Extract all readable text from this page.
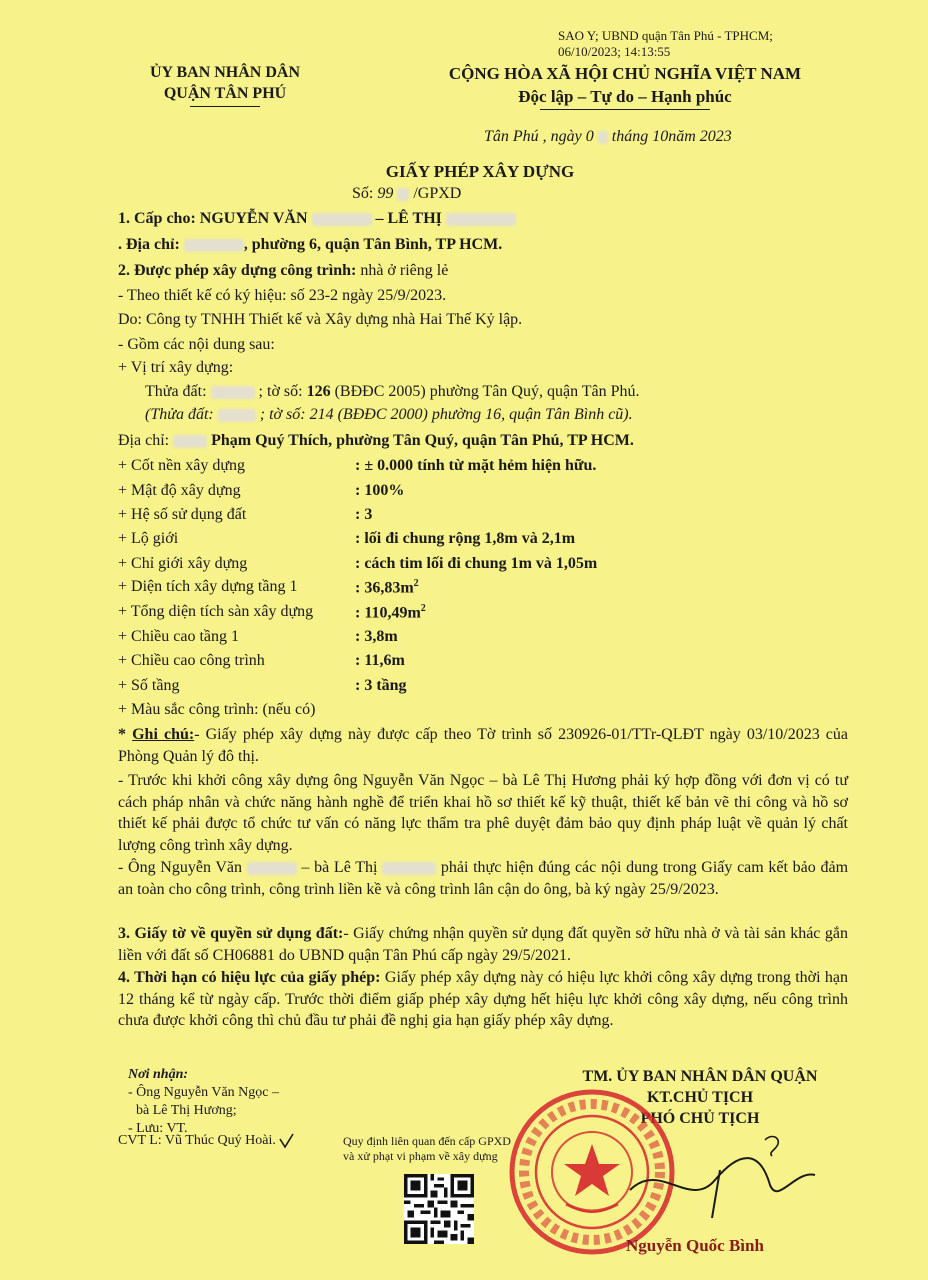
SAO Y; UBND quận Tân Phú - TPHCM;
06/10/2023; 14:13:55
ỦY BAN NHÂN DÂN
QUẬN TÂN PHÚ
CỘNG HÒA XÃ HỘI CHỦ NGHĨA VIỆT NAM
Độc lập – Tự do – Hạnh phúc
Tân Phú , ngày 0 tháng 10năm 2023
GIẤY PHÉP XÂY DỰNG
Số: 99 /GPXD
1. Cấp cho: NGUYỄN VĂN	– LÊ THỊ
. Địa chỉ:	, phường 6, quận Tân Bình, TP HCM.
2. Được phép xây dựng công trình: nhà ở riêng lẻ
- Theo thiết kế có ký hiệu: số 23-2 ngày 25/9/2023.
Do: Công ty TNHH Thiết kế và Xây dựng nhà Hai Thế Kỷ lập.
- Gồm các nội dung sau:
+ Vị trí xây dựng:
Thửa đất:	; tờ số: 126 (BĐĐC 2005) phường Tân Quý, quận Tân Phú.
(Thửa đất:	; tờ số: 214 (BĐĐC 2000) phường 16, quận Tân Bình cũ).
Địa chỉ:	Phạm Quý Thích, phường Tân Quý, quận Tân Phú, TP HCM.
+ Cốt nền xây dựng	: ± 0.000 tính từ mặt hẻm hiện hữu.
+ Mật độ xây dựng	: 100%
+ Hệ số sử dụng đất	: 3
+ Lộ giới	: lối đi chung rộng 1,8m và 2,1m
+ Chỉ giới xây dựng	: cách tim lối đi chung 1m và 1,05m
+ Diện tích xây dựng tầng 1	: $36,83m^2$
+ Tổng diện tích sàn xây dựng	: $110,49m^2$
+ Chiều cao tầng 1	: 3,8m
+ Chiều cao công trình	: 11,6m
+ Số tầng	: 3 tầng
+ Màu sắc công trình: (nếu có)
* Ghi chú:- Giấy phép xây dựng này được cấp theo Tờ trình số 230926-01/TTr-QLĐT ngày 03/10/2023 của Phòng Quản lý đô thị.
- Trước khi khởi công xây dựng ông Nguyễn Văn Ngọc – bà Lê Thị Hương phải ký hợp đồng với đơn vị có tư cách pháp nhân và chức năng hành nghề để triển khai hồ sơ thiết kế kỹ thuật, thiết kế bản vẽ thi công và hồ sơ thiết kế phải được tổ chức tư vấn có năng lực thẩm tra phê duyệt đảm bảo quy định pháp luật về quản lý chất lượng công trình xây dựng.
- Ông Nguyễn Văn	– bà Lê Thị	phải thực hiện đúng các nội dung trong Giấy cam kết bảo đảm an toàn cho công trình, công trình liền kề và công trình lân cận do ông, bà ký ngày 25/9/2023.
3. Giấy tờ về quyền sử dụng đất:- Giấy chứng nhận quyền sử dụng đất quyền sở hữu nhà ở và tài sản khác gắn liền với đất số CH06881 do UBND quận Tân Phú cấp ngày 29/5/2021.
4. Thời hạn có hiệu lực của giấy phép: Giấy phép xây dựng này có hiệu lực khởi công xây dựng trong thời hạn 12 tháng kể từ ngày cấp. Trước thời điểm giấp phép xây dựng hết hiệu lực khởi công xây dựng, nếu công trình chưa được khởi công thì chủ đầu tư phải đề nghị gia hạn giấy phép xây dựng.
Nơi nhận:
- Ông Nguyễn Văn Ngọc –
bà Lê Thị Hương;
- Lưu: VT.
CVT L: Vũ Thúc Quý Hoài.	Quy định liên quan đến cấp GPXD
và xử phạt vi phạm về xây dựng
TM. ỦY BAN NHÂN DÂN QUẬN
KT.CHỦ TỊCH
PHÓ CHỦ TỊCH
Nguyễn Quốc Bình
